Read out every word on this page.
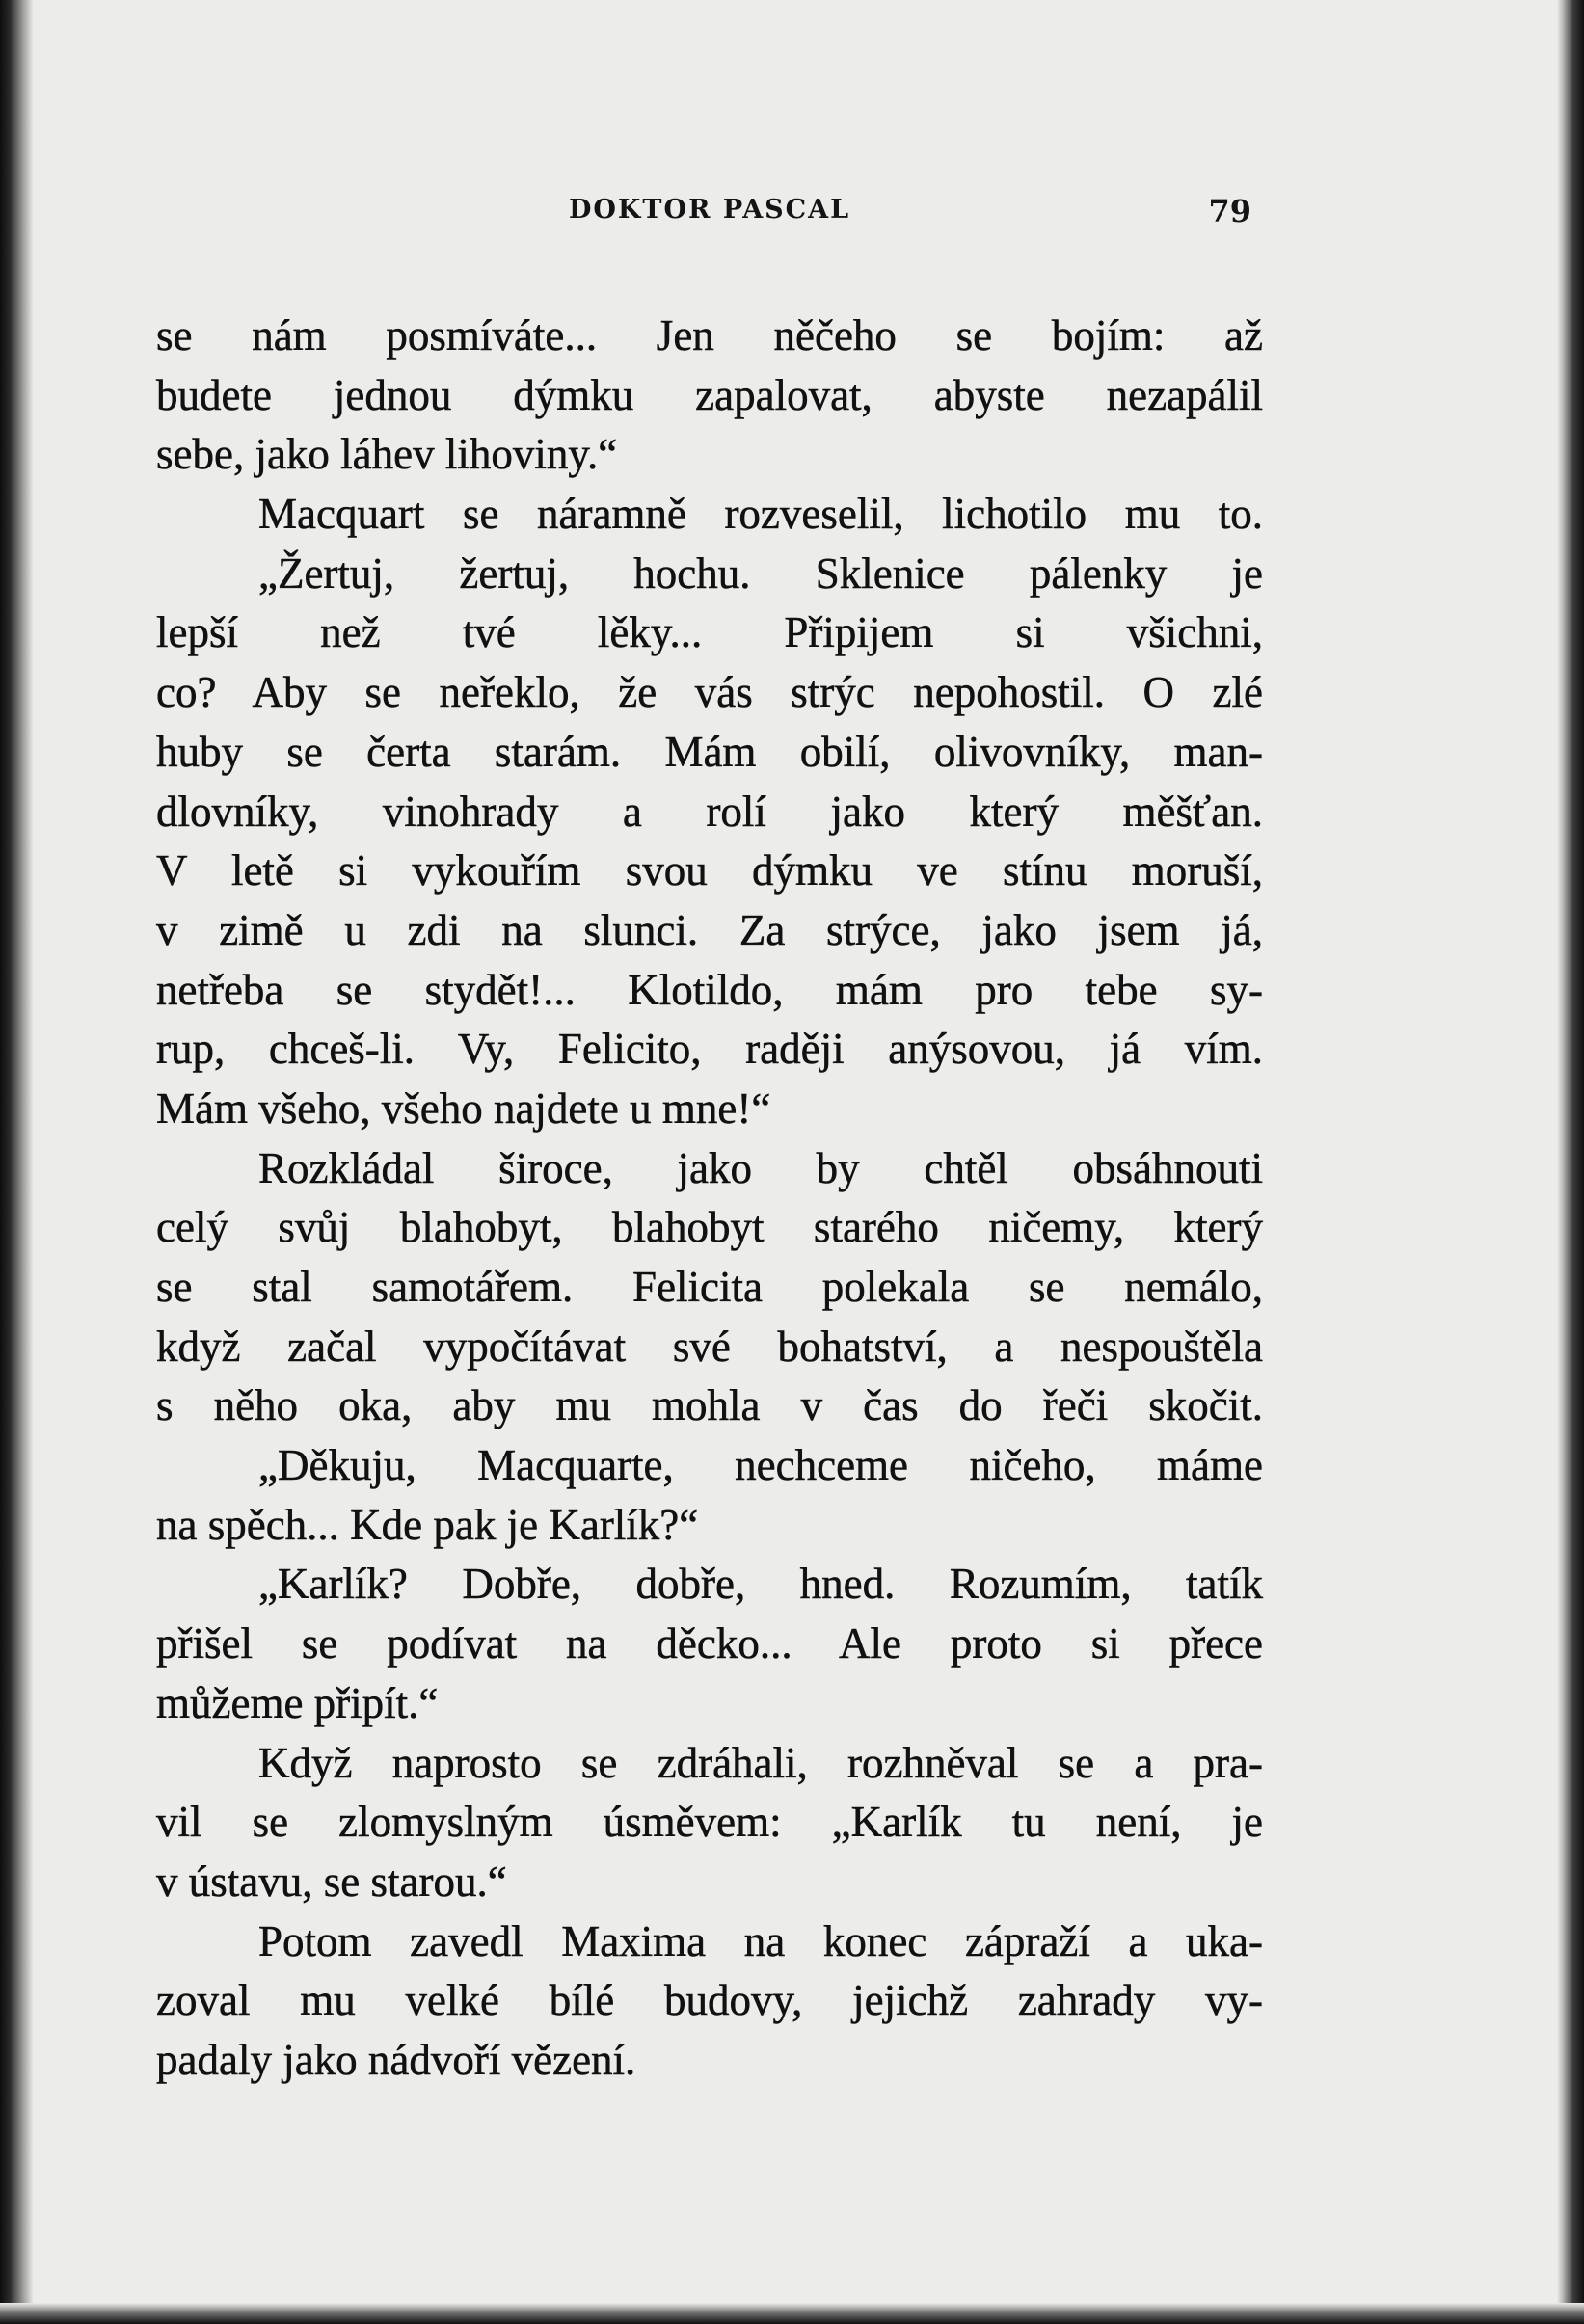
DOKTOR PASCAL	79
se nám posmíváte... Jen něčeho se bojím: až
budete jednou dýmku zapalovat, abyste nezapálil
sebe, jako láhev lihoviny.“
Macquart se náramně rozveselil, lichotilo mu to.
„Žertuj, žertuj, hochu. Sklenice pálenky je
lepší než tvé lěky... Připijem si všichni,
co? Aby se neřeklo, že vás strýc nepohostil. O zlé
huby se čerta starám. Mám obilí, olivovníky, man-
dlovníky, vinohrady a rolí jako který měšťan.
V letě si vykouřím svou dýmku ve stínu moruší,
v zimě u zdi na slunci. Za strýce, jako jsem já,
netřeba se stydět!... Klotildo, mám pro tebe sy-
rup, chceš-li. Vy, Felicito, raději anýsovou, já vím.
Mám všeho, všeho najdete u mne!“
Rozkládal široce, jako by chtěl obsáhnouti
celý svůj blahobyt, blahobyt starého ničemy, který
se stal samotářem. Felicita polekala se nemálo,
když začal vypočítávat své bohatství, a nespouštěla
s něho oka, aby mu mohla v čas do řeči skočit.
„Děkuju, Macquarte, nechceme ničeho, máme
na spěch... Kde pak je Karlík?“
„Karlík? Dobře, dobře, hned. Rozumím, tatík
přišel se podívat na děcko... Ale proto si přece
můžeme připít.“
Když naprosto se zdráhali, rozhněval se a pra-
vil se zlomyslným úsměvem: „Karlík tu není, je
v ústavu, se starou.“
Potom zavedl Maxima na konec zápraží a uka-
zoval mu velké bílé budovy, jejichž zahrady vy-
padaly jako nádvoří vězení.
